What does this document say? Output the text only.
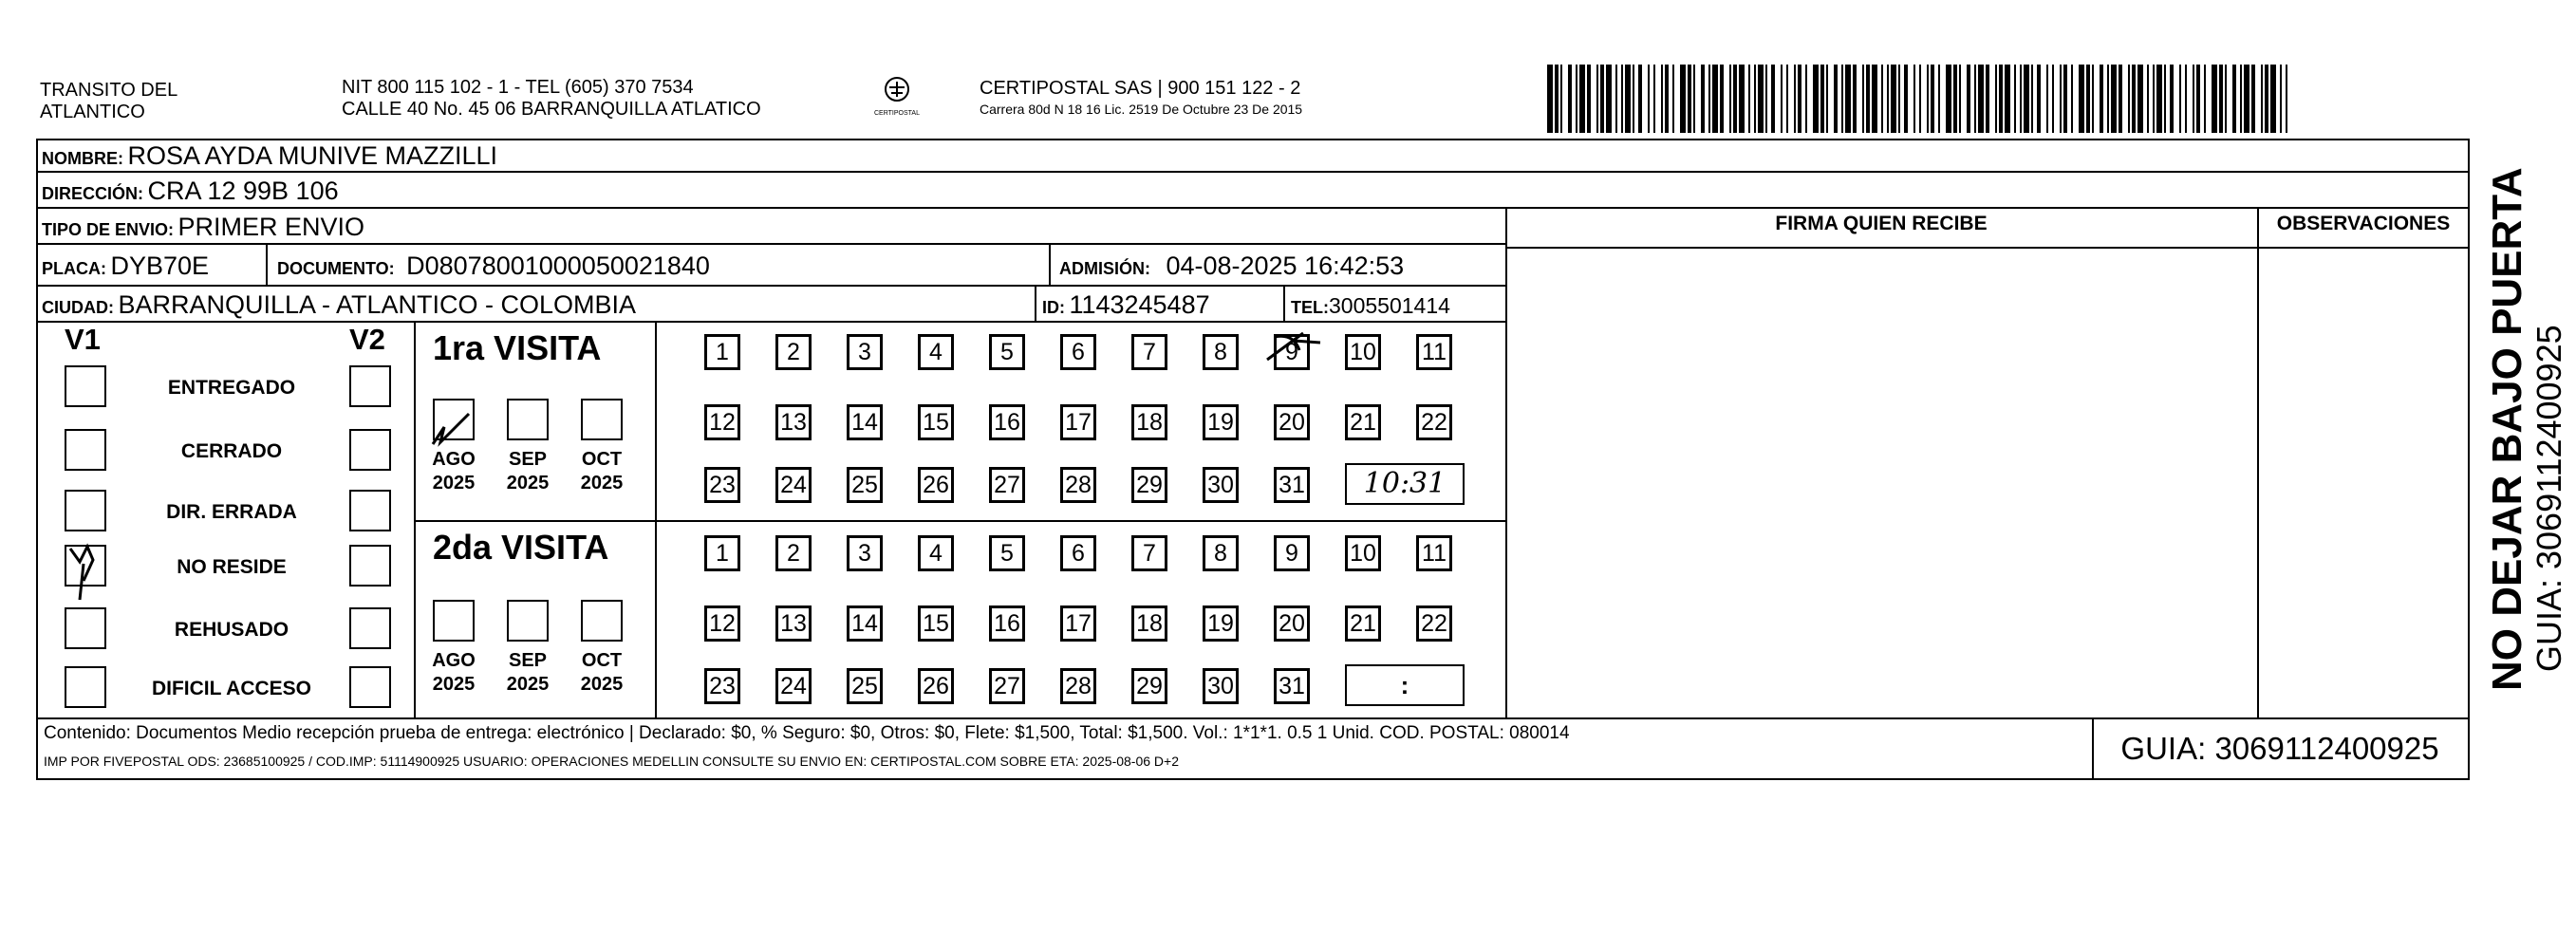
TRANSITO DEL
ATLANTICO
NIT 800 115 102 - 1 - TEL (605) 370 7534
CALLE 40 No. 45 06 BARRANQUILLA ATLATICO	CERTIPOSTAL
CERTIPOSTAL SAS | 900 151 122 - 2
Carrera 80d N 18 16 Lic. 2519 De Octubre 23 De 2015
NOMBRE: ROSA AYDA MUNIVE MAZZILLI
DIRECCIÓN: CRA 12 99B 106
TIPO DE ENVIO: PRIMER ENVIO
PLACA: DYB70E	DOCUMENTO: D08078001000050021840	ADMISIÓN: 04-08-2025 16:42:53
CIUDAD: BARRANQUILLA - ATLANTICO - COLOMBIA	ID: 1143245487	TEL:3005501414
FIRMA QUIEN RECIBE	OBSERVACIONES
V1	V2
ENTREGADO
CERRADO
DIR. ERRADA
NO RESIDE
REHUSADO
DIFICIL ACCESO
1ra VISITA
2da VISITA
AGO
2025
SEP
2025
OCT
2025
1	2	3	4	5	6	7	8	9	10 11
12 13 14 15 16 17 18 19 20 21 22
23 24 25 26 27 28 29 30 31	10:31
AGO
2025
SEP
2025
OCT
2025
1	2	3	4	5	6	7	8	9	10 11
12 13 14 15 16 17 18 19 20 21 22
23 24 25 26 27 28 29 30 31	:
Contenido: Documentos Medio recepción prueba de entrega: electrónico | Declarado: $0, % Seguro: $0, Otros: $0, Flete: $1,500, Total: $1,500. Vol.: 1*1*1. 0.5 1 Unid. COD. POSTAL: 080014
IMP POR FIVEPOSTAL ODS: 23685100925 / COD.IMP: 51114900925 USUARIO: OPERACIONES MEDELLIN CONSULTE SU ENVIO EN: CERTIPOSTAL.COM SOBRE ETA: 2025-08-06 D+2	GUIA: 3069112400925
NO DEJAR BAJO PUERTA GUIA: 3069112400925
